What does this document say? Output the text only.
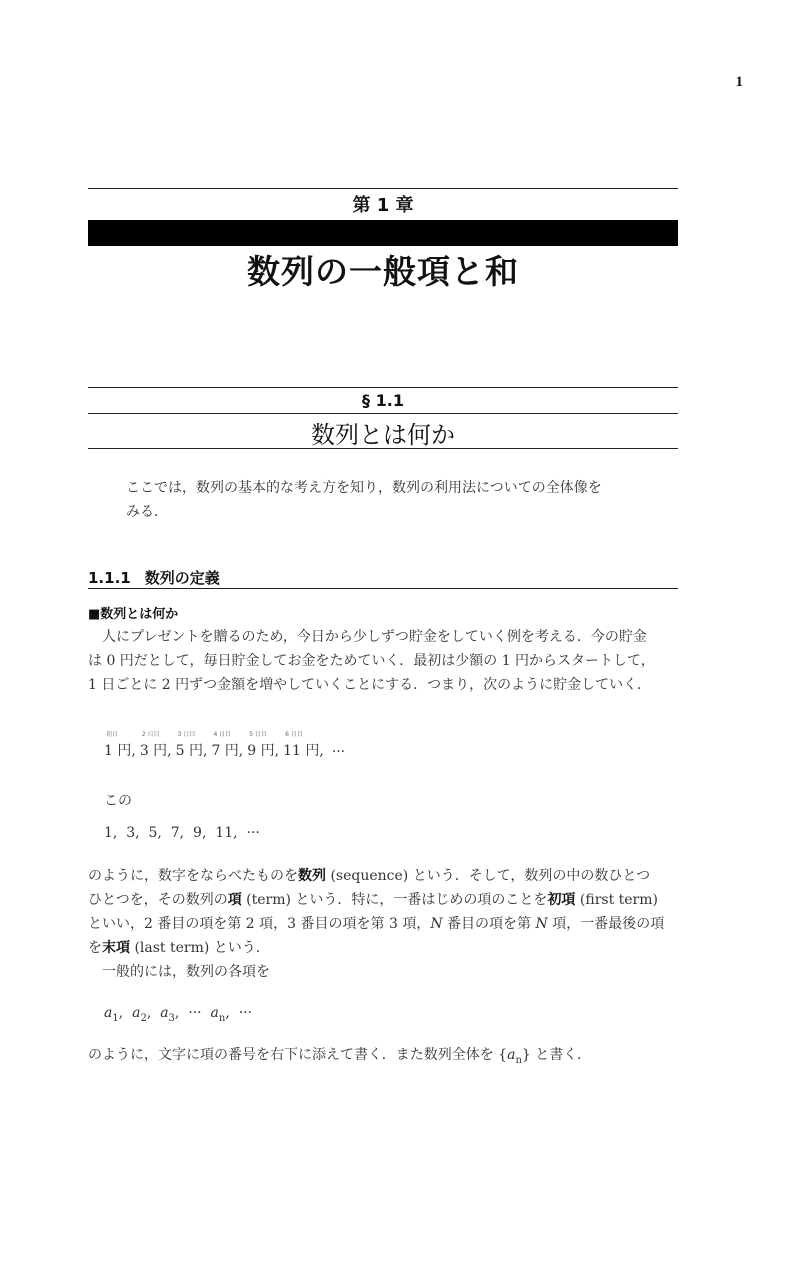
1
第 1 章
数列の一般項と和
§ 1.1
数列とは何か
ここでは，数列の基本的な考え方を知り，数列の利用法についての全体像を
みる．
1.1.1 数列の定義
■数列とは何か
人にプレゼントを贈るのため，今日から少しずつ貯金をしていく例を考える．今の貯金
は 0 円だとして，毎日貯金してお金をためていく．最初は少額の 1 円からスタートして，
1 日ごとに 2 円ずつ金額を増やしていくことにする．つまり，次のように貯金していく．
初日
1 円,
2 日目
3 円,
3 日目
5 円,
4 日目
7 円,
5 日目
9 円,
6 日目
11 円, ···
この
1,  3,  5,  7,  9,  11,  ···
のように，数字をならべたものを数列 (sequence) という．そして，数列の中の数ひとつ
ひとつを，その数列の項 (term) という．特に，一番はじめの項のことを初項 (first term)
といい，2 番目の項を第 2 項，3 番目の項を第 3 項，N 番目の項を第 N 項，一番最後の項
を末項 (last term) という．
一般的には，数列の各項を
$a_1$, $a_2$, $a_3$, ··· $a_n$, ···
のように，文字に項の番号を右下に添えて書く．また数列全体を $\{a_n\}$ と書く．
